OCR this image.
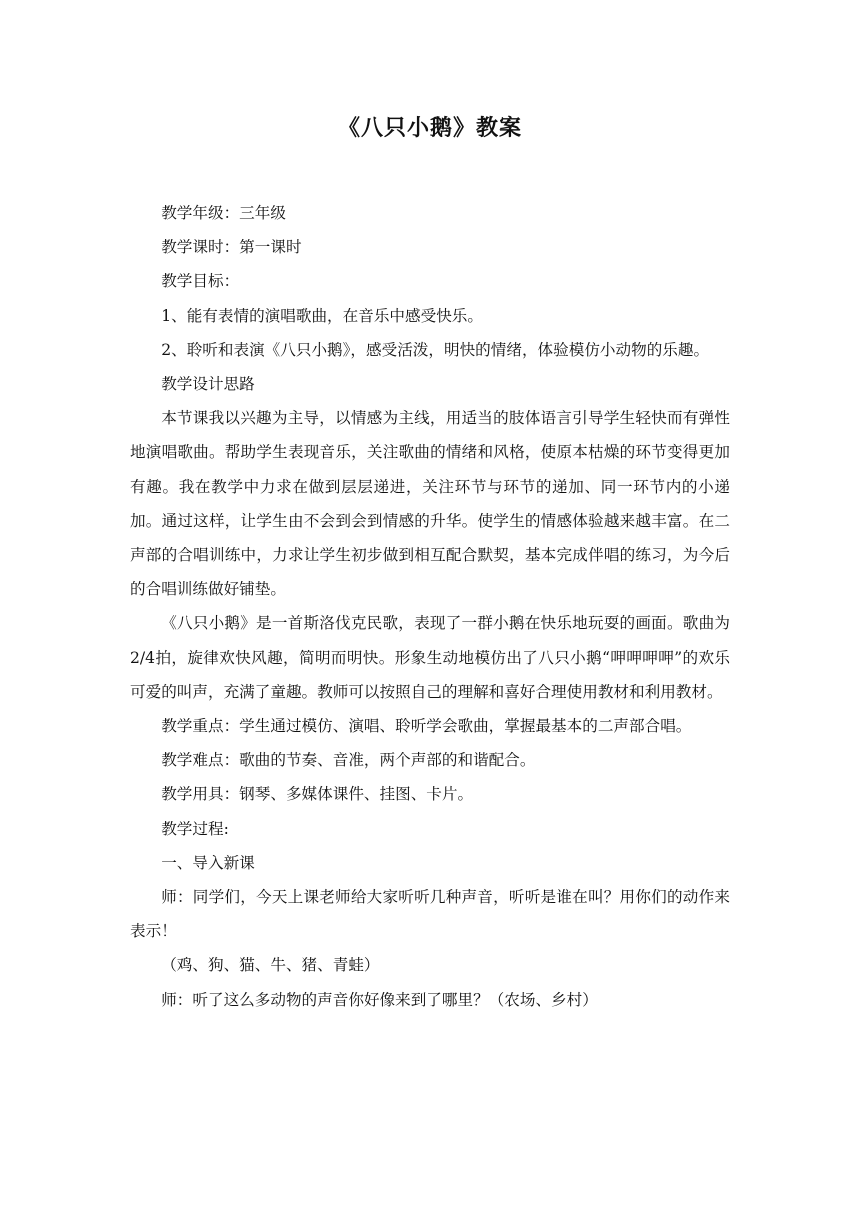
《八只小鹅》教案

教学年级：三年级

教学课时：第一课时

教学目标：

1、能有表情的演唱歌曲，在音乐中感受快乐。

2、聆听和表演《八只小鹅》，感受活泼，明快的情绪，体验模仿小动物的乐趣。

教学设计思路

本节课我以兴趣为主导，以情感为主线，用适当的肢体语言引导学生轻快而有弹性地演唱歌曲。帮助学生表现音乐，关注歌曲的情绪和风格，使原本枯燥的环节变得更加有趣。我在教学中力求在做到层层递进，关注环节与环节的递加、同一环节内的小递加。通过这样，让学生由不会到会到情感的升华。使学生的情感体验越来越丰富。在二声部的合唱训练中，力求让学生初步做到相互配合默契，基本完成伴唱的练习，为今后的合唱训练做好铺垫。

《八只小鹅》是一首斯洛伐克民歌，表现了一群小鹅在快乐地玩耍的画面。歌曲为2/4拍，旋律欢快风趣，简明而明快。形象生动地模仿出了八只小鹅“呷呷呷呷”的欢乐可爱的叫声，充满了童趣。教师可以按照自己的理解和喜好合理使用教材和利用教材。

教学重点：学生通过模仿、演唱、聆听学会歌曲，掌握最基本的二声部合唱。

教学难点：歌曲的节奏、音准，两个声部的和谐配合。

教学用具：钢琴、多媒体课件、挂图、卡片。

教学过程:

一、导入新课

师：同学们，今天上课老师给大家听听几种声音，听听是谁在叫？用你们的动作来表示！

（鸡、狗、猫、牛、猪、青蛙）

师：听了这么多动物的声音你好像来到了哪里？（农场、乡村）
